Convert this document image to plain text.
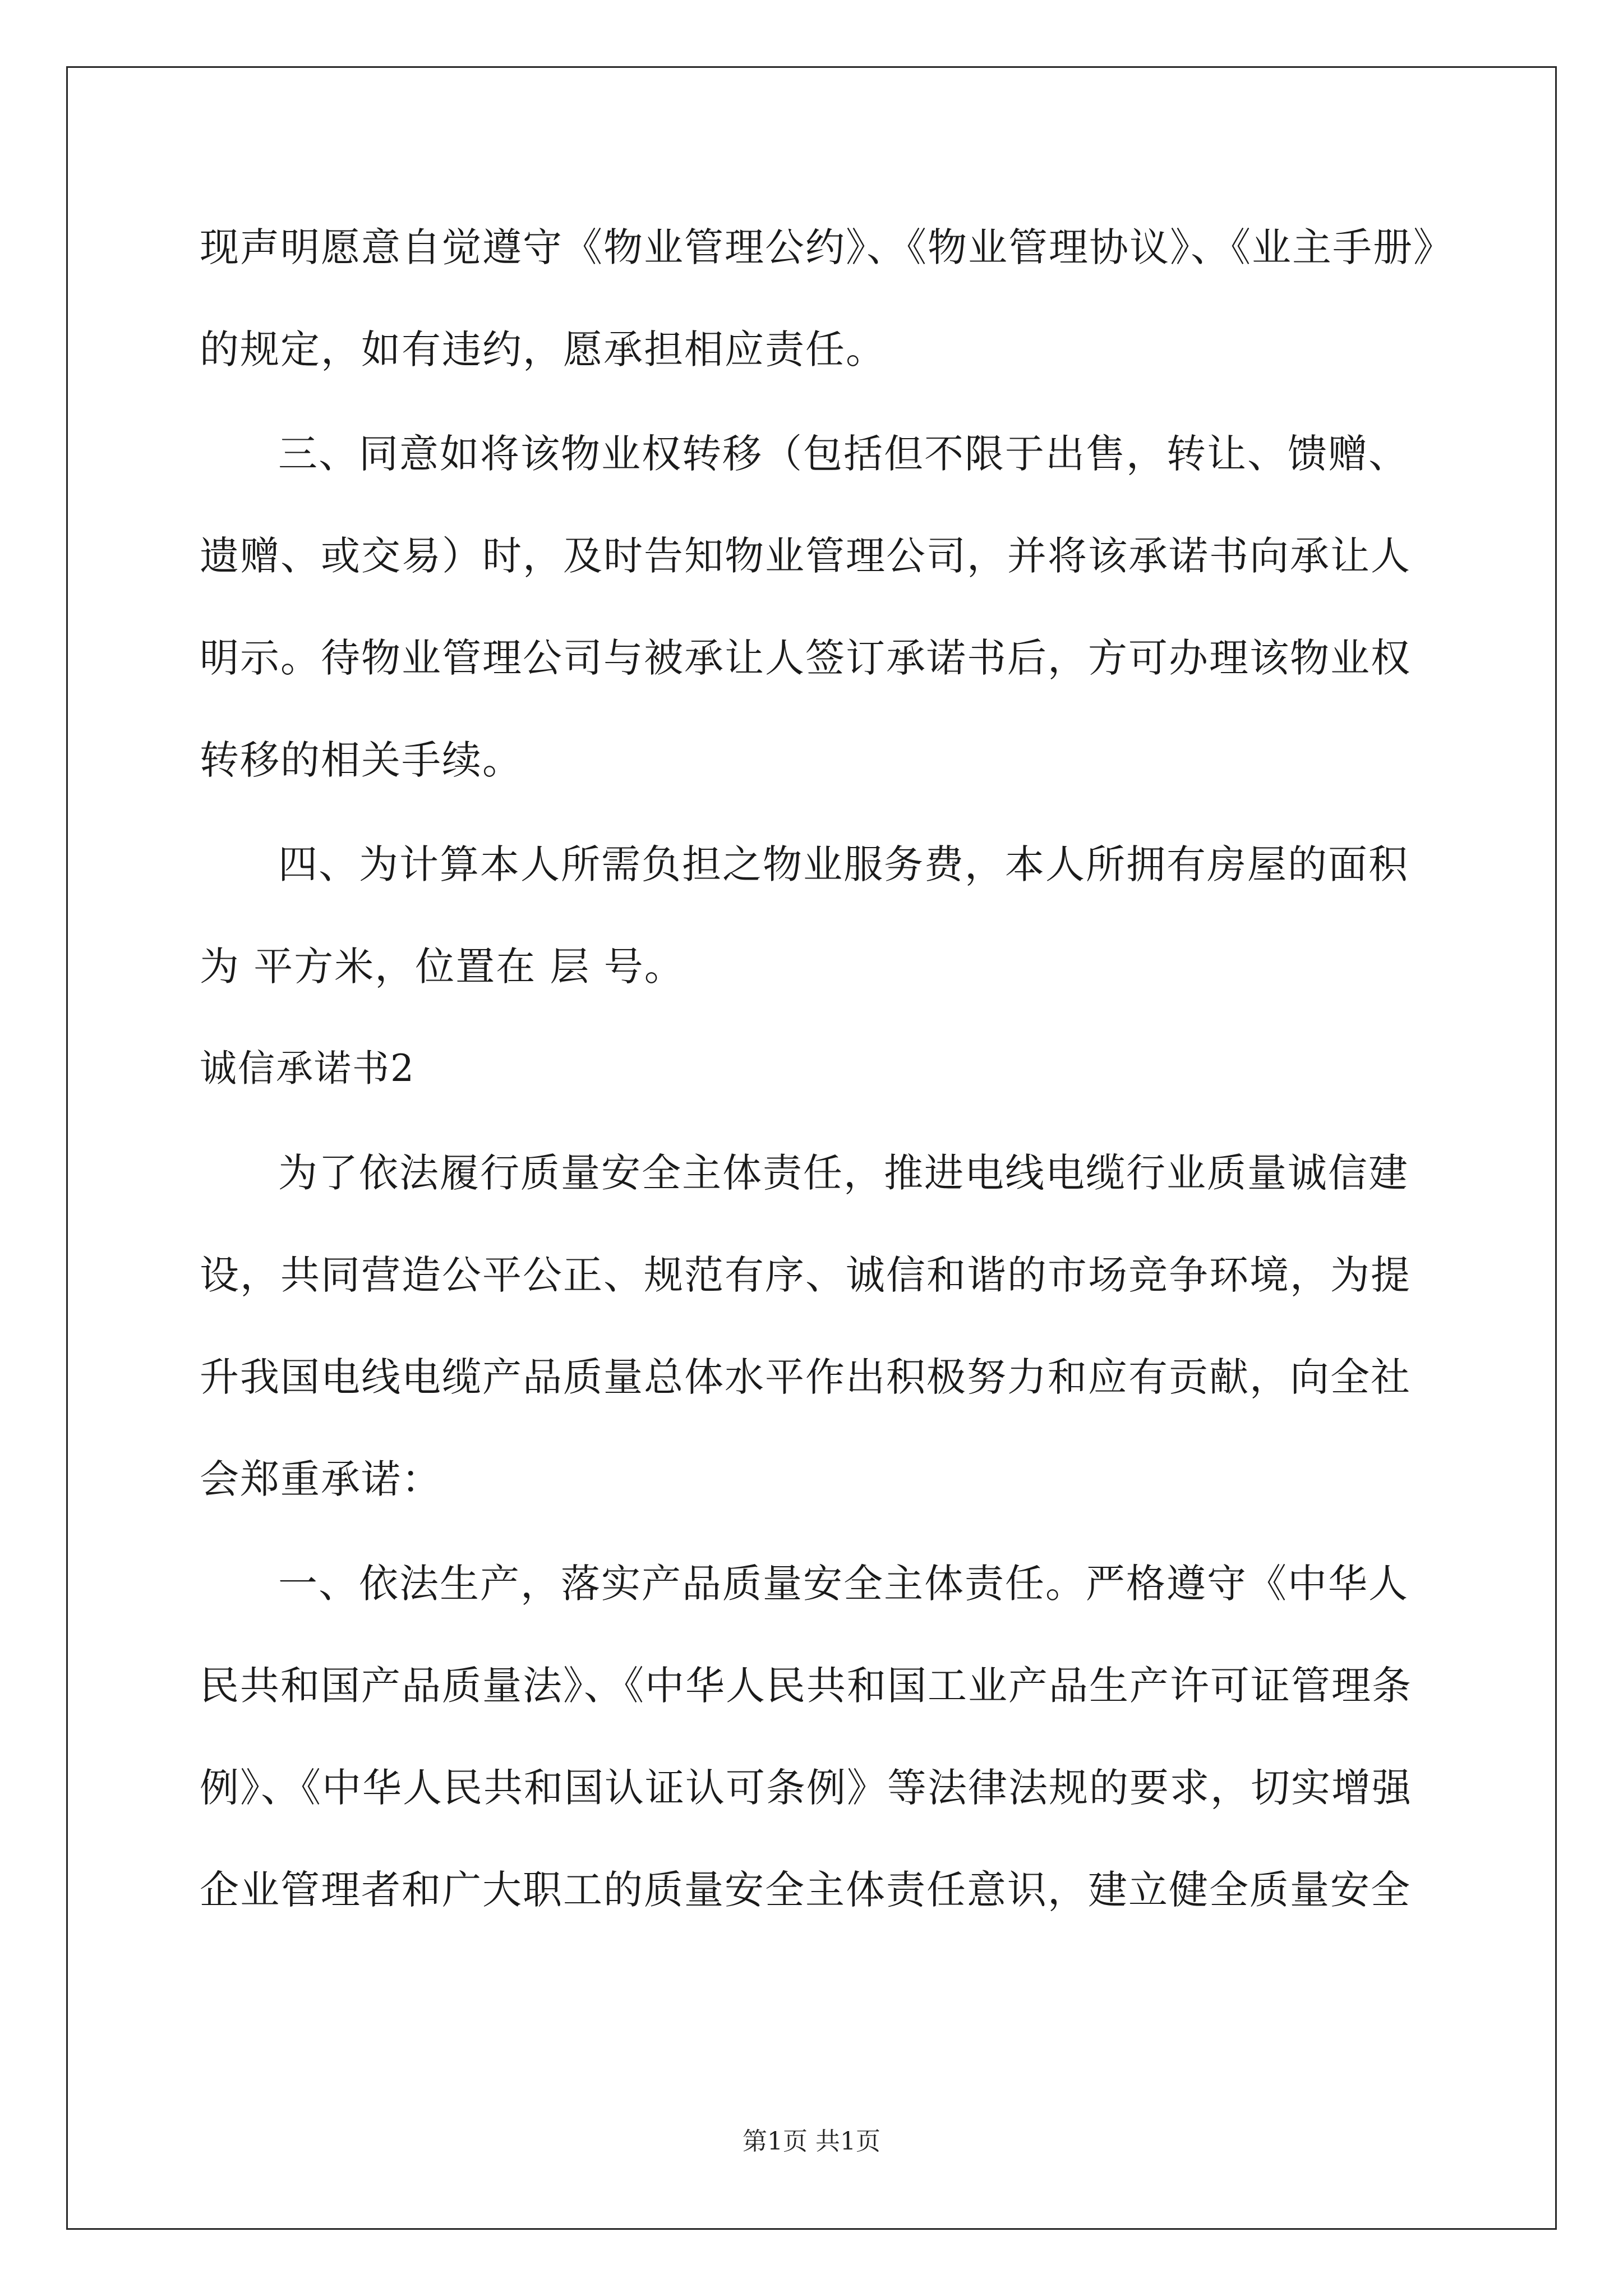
现声明愿意自觉遵守《物业管理公约》、《物业管理协议》、《业主手册》
的规定，如有违约，愿承担相应责任。
三、同意如将该物业权转移（包括但不限于出售，转让、馈赠、
遗赠、或交易）时，及时告知物业管理公司，并将该承诺书向承让人
明示。待物业管理公司与被承让人签订承诺书后，方可办理该物业权
转移的相关手续。
四、为计算本人所需负担之物业服务费，本人所拥有房屋的面积
为 平方米，位置在 层 号。
诚信承诺书2
为了依法履行质量安全主体责任，推进电线电缆行业质量诚信建
设，共同营造公平公正、规范有序、诚信和谐的市场竞争环境，为提
升我国电线电缆产品质量总体水平作出积极努力和应有贡献，向全社
会郑重承诺：
一、依法生产，落实产品质量安全主体责任。严格遵守《中华人
民共和国产品质量法》、《中华人民共和国工业产品生产许可证管理条
例》、《中华人民共和国认证认可条例》等法律法规的要求，切实增强
企业管理者和广大职工的质量安全主体责任意识，建立健全质量安全
第1页 共1页
